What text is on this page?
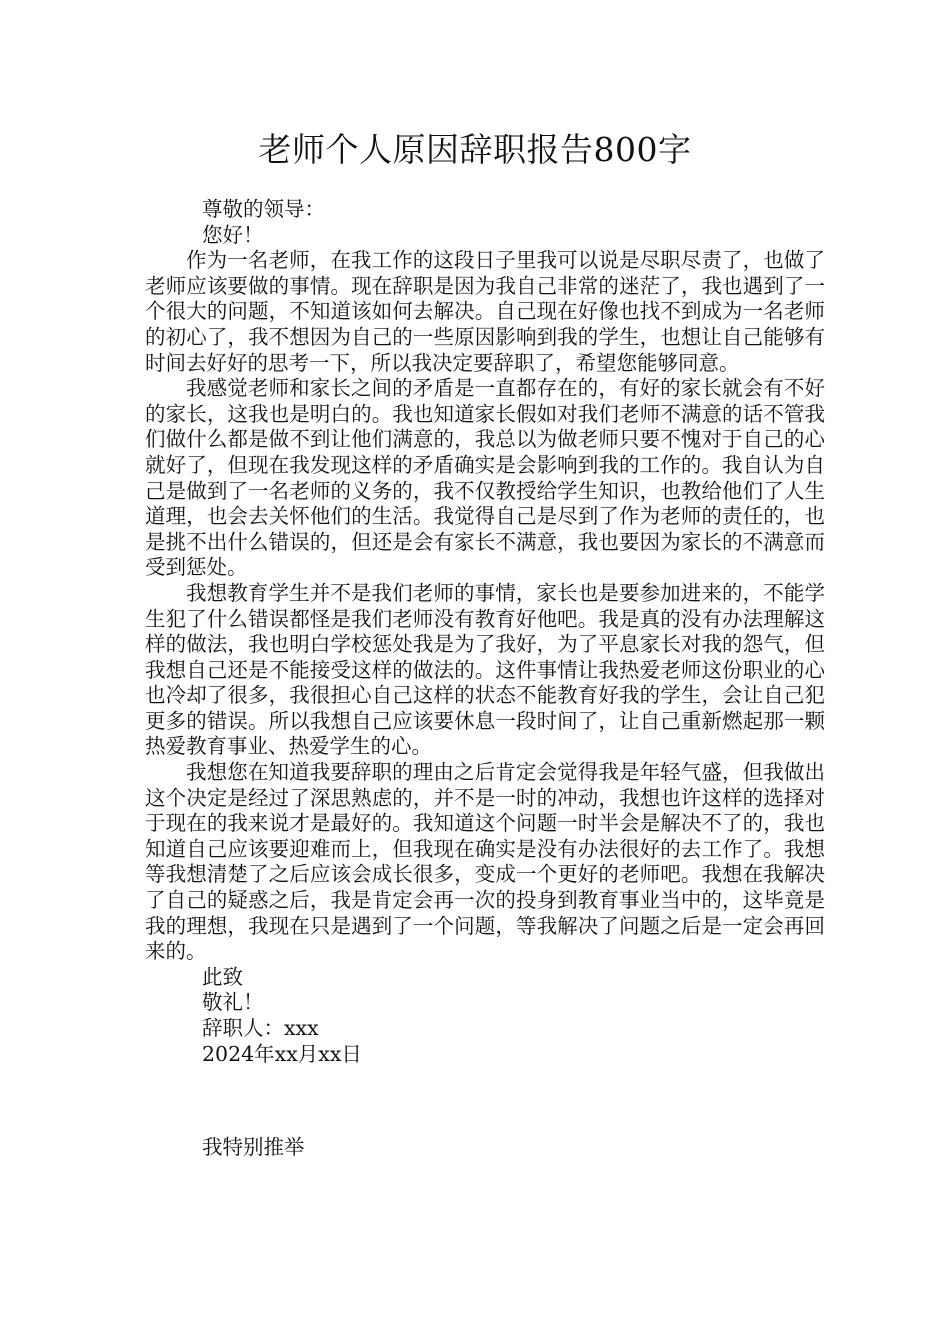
老师个人原因辞职报告800字

尊敬的领导：

您好！

作为一名老师，在我工作的这段日子里我可以说是尽职尽责了，也做了老师应该要做的事情。现在辞职是因为我自己非常的迷茫了，我也遇到了一个很大的问题，不知道该如何去解决。自己现在好像也找不到成为一名老师的初心了，我不想因为自己的一些原因影响到我的学生，也想让自己能够有时间去好好的思考一下，所以我决定要辞职了，希望您能够同意。

我感觉老师和家长之间的矛盾是一直都存在的，有好的家长就会有不好的家长，这我也是明白的。我也知道家长假如对我们老师不满意的话不管我们做什么都是做不到让他们满意的，我总以为做老师只要不愧对于自己的心就好了，但现在我发现这样的矛盾确实是会影响到我的工作的。我自认为自己是做到了一名老师的义务的，我不仅教授给学生知识，也教给他们了人生道理，也会去关怀他们的生活。我觉得自己是尽到了作为老师的责任的，也是挑不出什么错误的，但还是会有家长不满意，我也要因为家长的不满意而受到惩处。

我想教育学生并不是我们老师的事情，家长也是要参加进来的，不能学生犯了什么错误都怪是我们老师没有教育好他吧。我是真的没有办法理解这样的做法，我也明白学校惩处我是为了我好，为了平息家长对我的怨气，但我想自己还是不能接受这样的做法的。这件事情让我热爱老师这份职业的心也冷却了很多，我很担心自己这样的状态不能教育好我的学生，会让自己犯更多的错误。所以我想自己应该要休息一段时间了，让自己重新燃起那一颗热爱教育事业、热爱学生的心。

我想您在知道我要辞职的理由之后肯定会觉得我是年轻气盛，但我做出这个决定是经过了深思熟虑的，并不是一时的冲动，我想也许这样的选择对于现在的我来说才是最好的。我知道这个问题一时半会是解决不了的，我也知道自己应该要迎难而上，但我现在确实是没有办法很好的去工作了。我想等我想清楚了之后应该会成长很多，变成一个更好的老师吧。我想在我解决了自己的疑惑之后，我是肯定会再一次的投身到教育事业当中的，这毕竟是我的理想，我现在只是遇到了一个问题，等我解决了问题之后是一定会再回来的。

此致

敬礼！

辞职人：xxx

2024年xx月xx日

我特别推举
